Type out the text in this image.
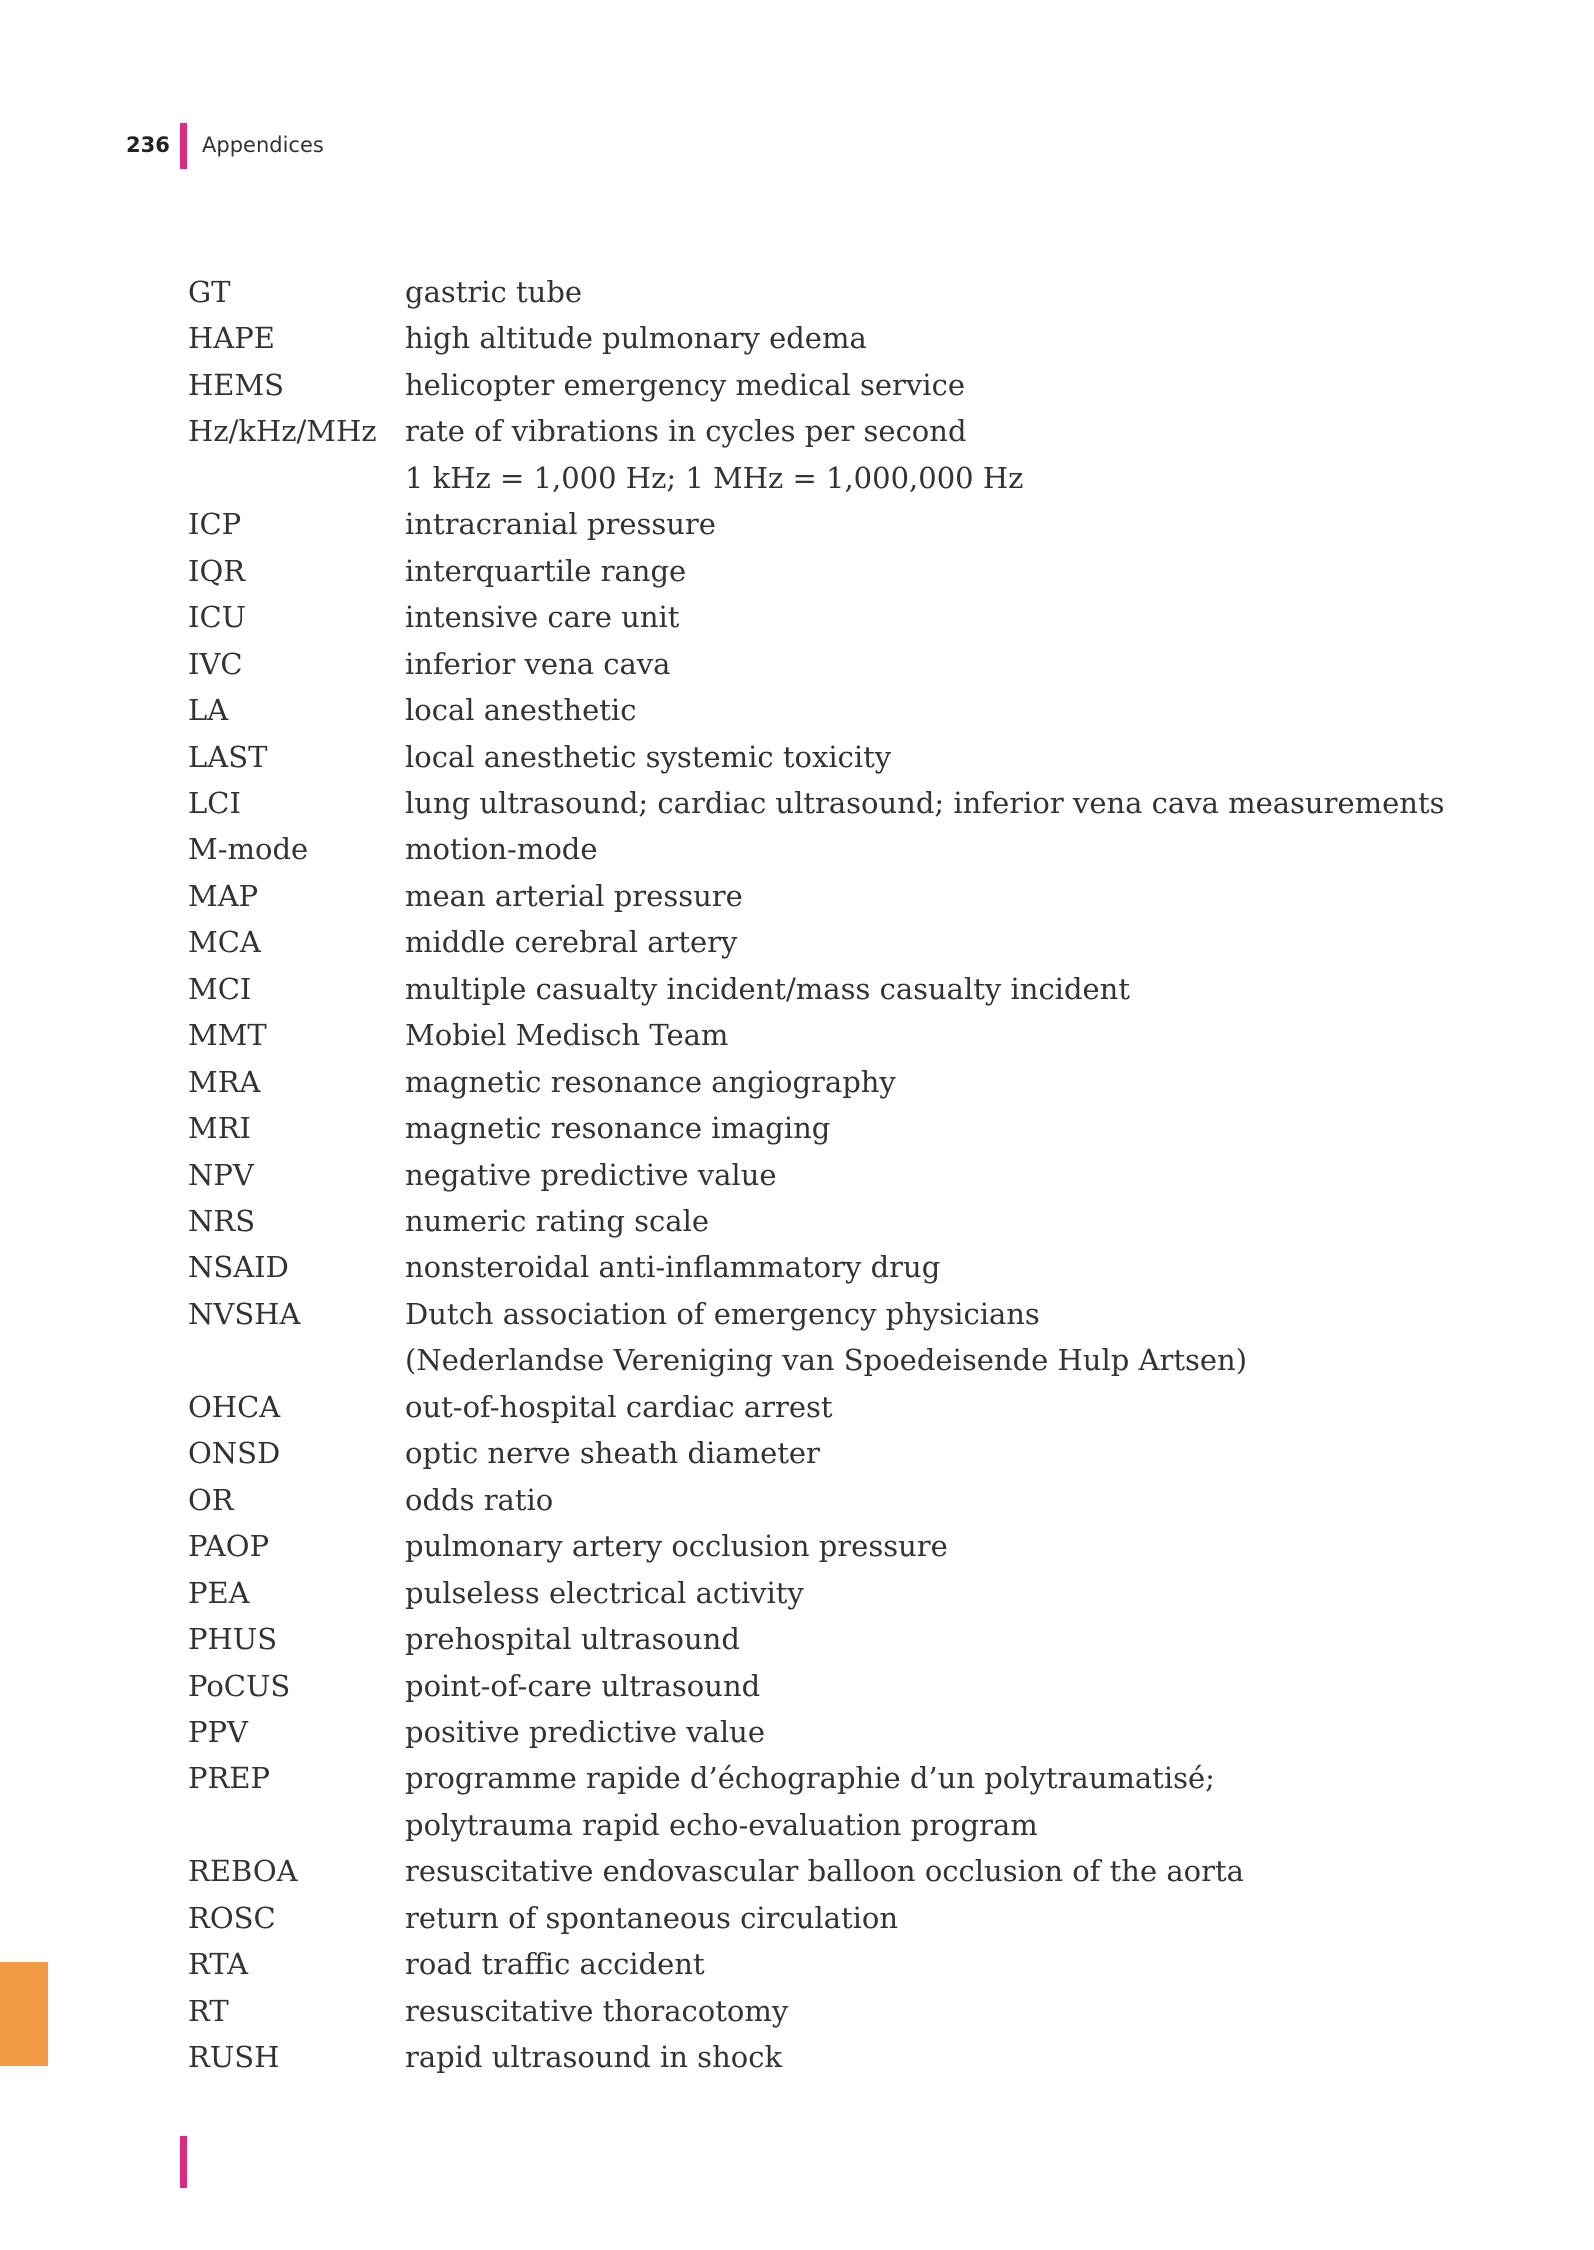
236 Appendices
GT	gastric tube
HAPE	high altitude pulmonary edema
HEMS	helicopter emergency medical service
Hz/kHz/MHz rate of vibrations in cycles per second
1 kHz = 1,000 Hz; 1 MHz = 1,000,000 Hz
ICP	intracranial pressure
IQR	interquartile range
ICU	intensive care unit
IVC	inferior vena cava
LA	local anesthetic
LAST	local anesthetic systemic toxicity
LCI	lung ultrasound; cardiac ultrasound; inferior vena cava measurements
M-mode	motion-mode
MAP	mean arterial pressure
MCA	middle cerebral artery
MCI	multiple casualty incident/mass casualty incident
MMT	Mobiel Medisch Team
MRA	magnetic resonance angiography
MRI	magnetic resonance imaging
NPV	negative predictive value
NRS	numeric rating scale
NSAID	nonsteroidal anti-inflammatory drug
NVSHA	Dutch association of emergency physicians
(Nederlandse Vereniging van Spoedeisende Hulp Artsen)
OHCA	out-of-hospital cardiac arrest
ONSD	optic nerve sheath diameter
OR	odds ratio
PAOP	pulmonary artery occlusion pressure
PEA	pulseless electrical activity
PHUS	prehospital ultrasound
PoCUS	point-of-care ultrasound
PPV	positive predictive value
PREP	programme rapide d’échographie d’un polytraumatisé;
polytrauma rapid echo-evaluation program
REBOA	resuscitative endovascular balloon occlusion of the aorta
ROSC	return of spontaneous circulation
RTA	road traffic accident
RT	resuscitative thoracotomy
RUSH	rapid ultrasound in shock
